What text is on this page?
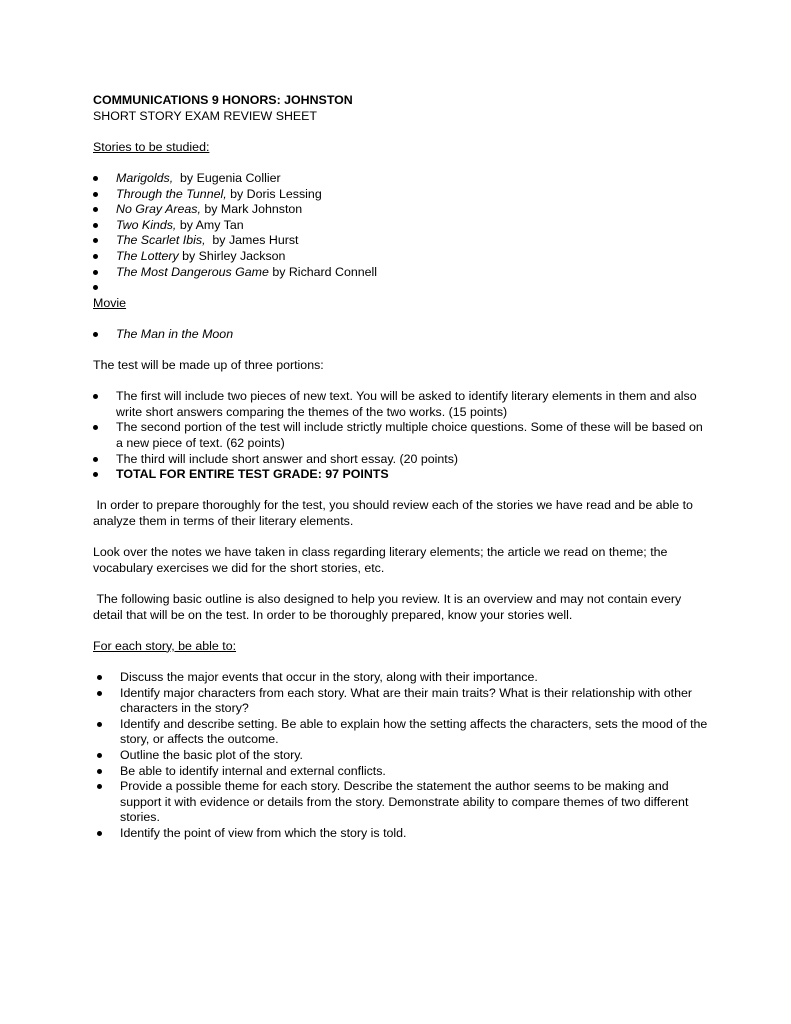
COMMUNICATIONS 9 HONORS: JOHNSTON

SHORT STORY EXAM REVIEW SHEET

Stories to be studied:

Marigolds,  by Eugenia Collier
Through the Tunnel, by Doris Lessing
No Gray Areas, by Mark Johnston
Two Kinds, by Amy Tan
The Scarlet Ibis,  by James Hurst
The Lottery by Shirley Jackson
The Most Dangerous Game by Richard Connell

Movie

The Man in the Moon

The test will be made up of three portions:

The first will include two pieces of new text. You will be asked to identify literary elements in them and also write short answers comparing the themes of the two works. (15 points)
The second portion of the test will include strictly multiple choice questions. Some of these will be based on a new piece of text. (62 points)
The third will include short answer and short essay. (20 points)
TOTAL FOR ENTIRE TEST GRADE: 97 POINTS

In order to prepare thoroughly for the test, you should review each of the stories we have read and be able to analyze them in terms of their literary elements.

Look over the notes we have taken in class regarding literary elements; the article we read on theme; the vocabulary exercises we did for the short stories, etc.

The following basic outline is also designed to help you review. It is an overview and may not contain every detail that will be on the test. In order to be thoroughly prepared, know your stories well.

For each story, be able to:

Discuss the major events that occur in the story, along with their importance.
Identify major characters from each story. What are their main traits? What is their relationship with other characters in the story?
Identify and describe setting. Be able to explain how the setting affects the characters, sets the mood of the story, or affects the outcome.
Outline the basic plot of the story.
Be able to identify internal and external conflicts.
Provide a possible theme for each story. Describe the statement the author seems to be making and support it with evidence or details from the story. Demonstrate ability to compare themes of two different stories.
Identify the point of view from which the story is told.
